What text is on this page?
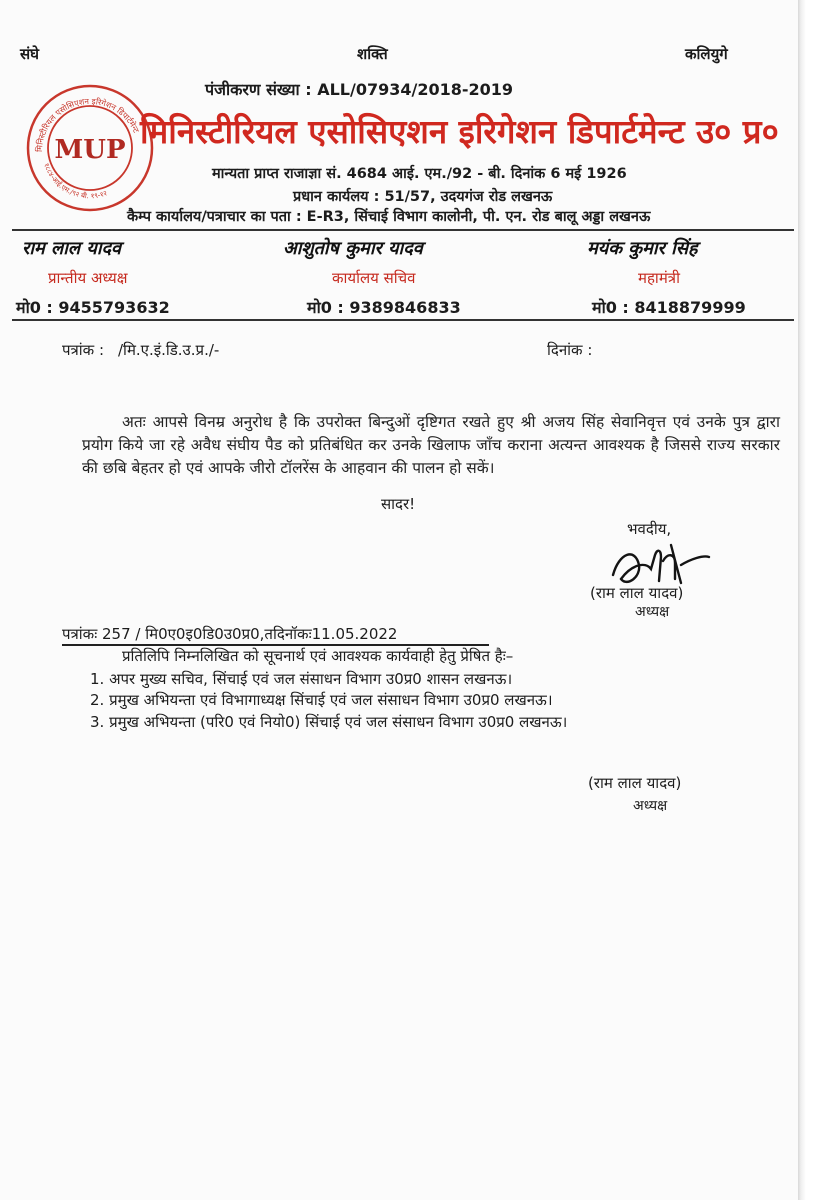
संघे	शक्ति	कलियुगे
मिनिस्टीरियल एसोसिएशन इरिगेशन डिपार्टमेन्ट
१८८४-आई.एम./९२ बी. १९-१२
MUP
पंजीकरण संख्या : ALL/07934/2018-2019
मिनिस्टीरियल एसोसिएशन इरिगेशन डिपार्टमेन्ट उ० प्र०
मान्यता प्राप्त राजाज्ञा सं. 4684 आई. एम./92 - बी. दिनांक 6 मई 1926
प्रधान कार्यलय : 51/57, उदयगंज रोड लखनऊ
कैम्प कार्यालय/पत्राचार का पता : E-R3, सिंचाई विभाग कालोनी, पी. एन. रोड बालू अड्डा लखनऊ
राम लाल यादव	आशुतोष कुमार यादव	मयंक कुमार सिंह
प्रान्तीय अध्यक्ष	कार्यालय सचिव	महामंत्री
मो0 : 9455793632	मो0 : 9389846833	मो0 : 8418879999
पत्रांक : /मि.ए.इं.डि.उ.प्र./-	दिनांक :
अतः आपसे विनम्र अनुरोध है कि उपरोक्त बिन्दुओं दृष्टिगत रखते हुए श्री अजय सिंह सेवानिवृत्त एवं उनके पुत्र द्वारा प्रयोग किये जा रहे अवैध संघीय पैड को प्रतिबंधित कर उनके खिलाफ जाँच कराना अत्यन्त आवश्यक है जिससे राज्य सरकार की छबि बेहतर हो एवं आपके जीरो टॉलरेंस के आहवान की पालन हो सकें।
सादर!
भवदीय,
(राम लाल यादव)
अध्यक्ष
पत्रांकः 257 / मि0ए0इ0डि0उ0प्र0,तदिनॉकः11.05.2022
प्रतिलिपि निम्नलिखित को सूचनार्थ एवं आवश्यक कार्यवाही हेतु प्रेषित हैः–
1. अपर मुख्य सचिव, सिंचाई एवं जल संसाधन विभाग उ0प्र0 शासन लखनऊ।
2. प्रमुख अभियन्ता एवं विभागाध्यक्ष सिंचाई एवं जल संसाधन विभाग उ0प्र0 लखनऊ।
3. प्रमुख अभियन्ता (परि0 एवं नियो0) सिंचाई एवं जल संसाधन विभाग उ0प्र0 लखनऊ।
(राम लाल यादव)
अध्यक्ष
